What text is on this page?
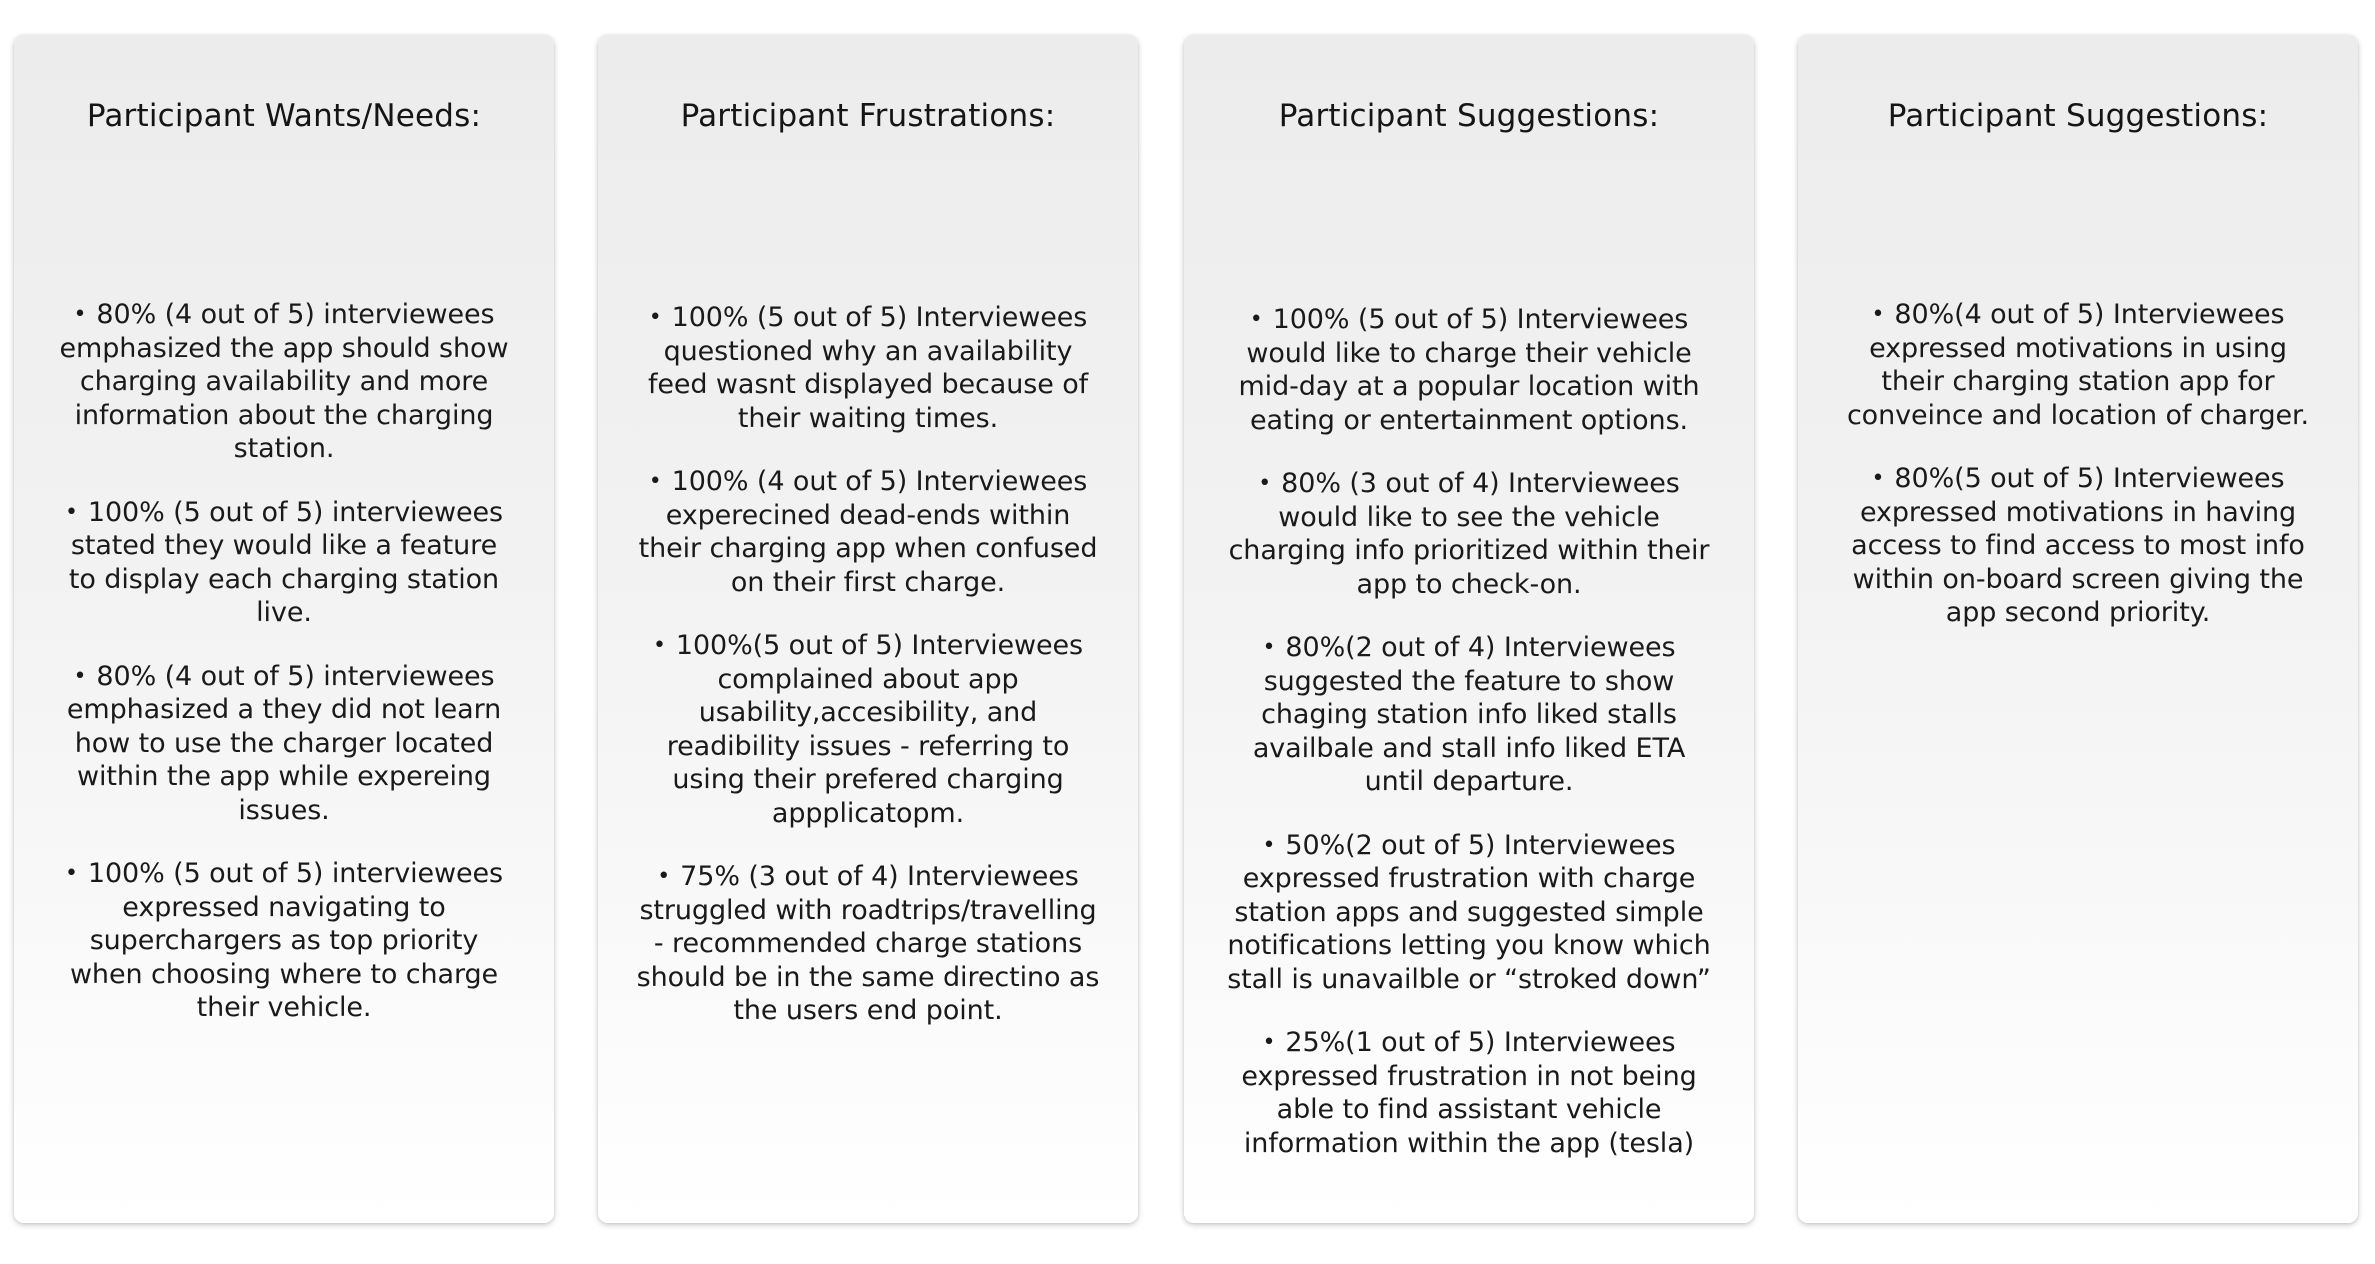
Participant Wants/Needs:
• 80% (4 out of 5) interviewees emphasized the app should show charging availability and more information about the charging station.
• 100% (5 out of 5) interviewees stated they would like a feature to display each charging station live.
• 80% (4 out of 5) interviewees emphasized a they did not learn how to use the charger located within the app while expereing issues.
• 100% (5 out of 5) interviewees expressed navigating to superchargers as top priority when choosing where to charge their vehicle.
Participant Frustrations:
• 100% (5 out of 5) Interviewees questioned why an availability feed wasnt displayed because of their waiting times.
• 100% (4 out of 5) Interviewees experecined dead-ends within their charging app when confused on their first charge.
• 100%(5 out of 5) Interviewees complained about app usability,accesibility, and readibility issues - referring to using their prefered charging appplicatopm.
• 75% (3 out of 4) Interviewees struggled with roadtrips/travelling - recommended charge stations should be in the same directino as the users end point.
Participant Suggestions:
• 100% (5 out of 5) Interviewees would like to charge their vehicle mid-day at a popular location with eating or entertainment options.
• 80% (3 out of 4) Interviewees would like to see the vehicle charging info prioritized within their app to check-on.
• 80%(2 out of 4) Interviewees suggested the feature to show chaging station info liked stalls availbale and stall info liked ETA until departure.
• 50%(2 out of 5) Interviewees expressed frustration with charge station apps and suggested simple notifications letting you know which stall is unavailble or “stroked down”
• 25%(1 out of 5) Interviewees expressed frustration in not being able to find assistant vehicle information within the app (tesla)
Participant Suggestions:
• 80%(4 out of 5) Interviewees expressed motivations in using their charging station app for conveince and location of charger.
• 80%(5 out of 5) Interviewees expressed motivations in having access to find access to most info within on-board screen giving the app second priority.
